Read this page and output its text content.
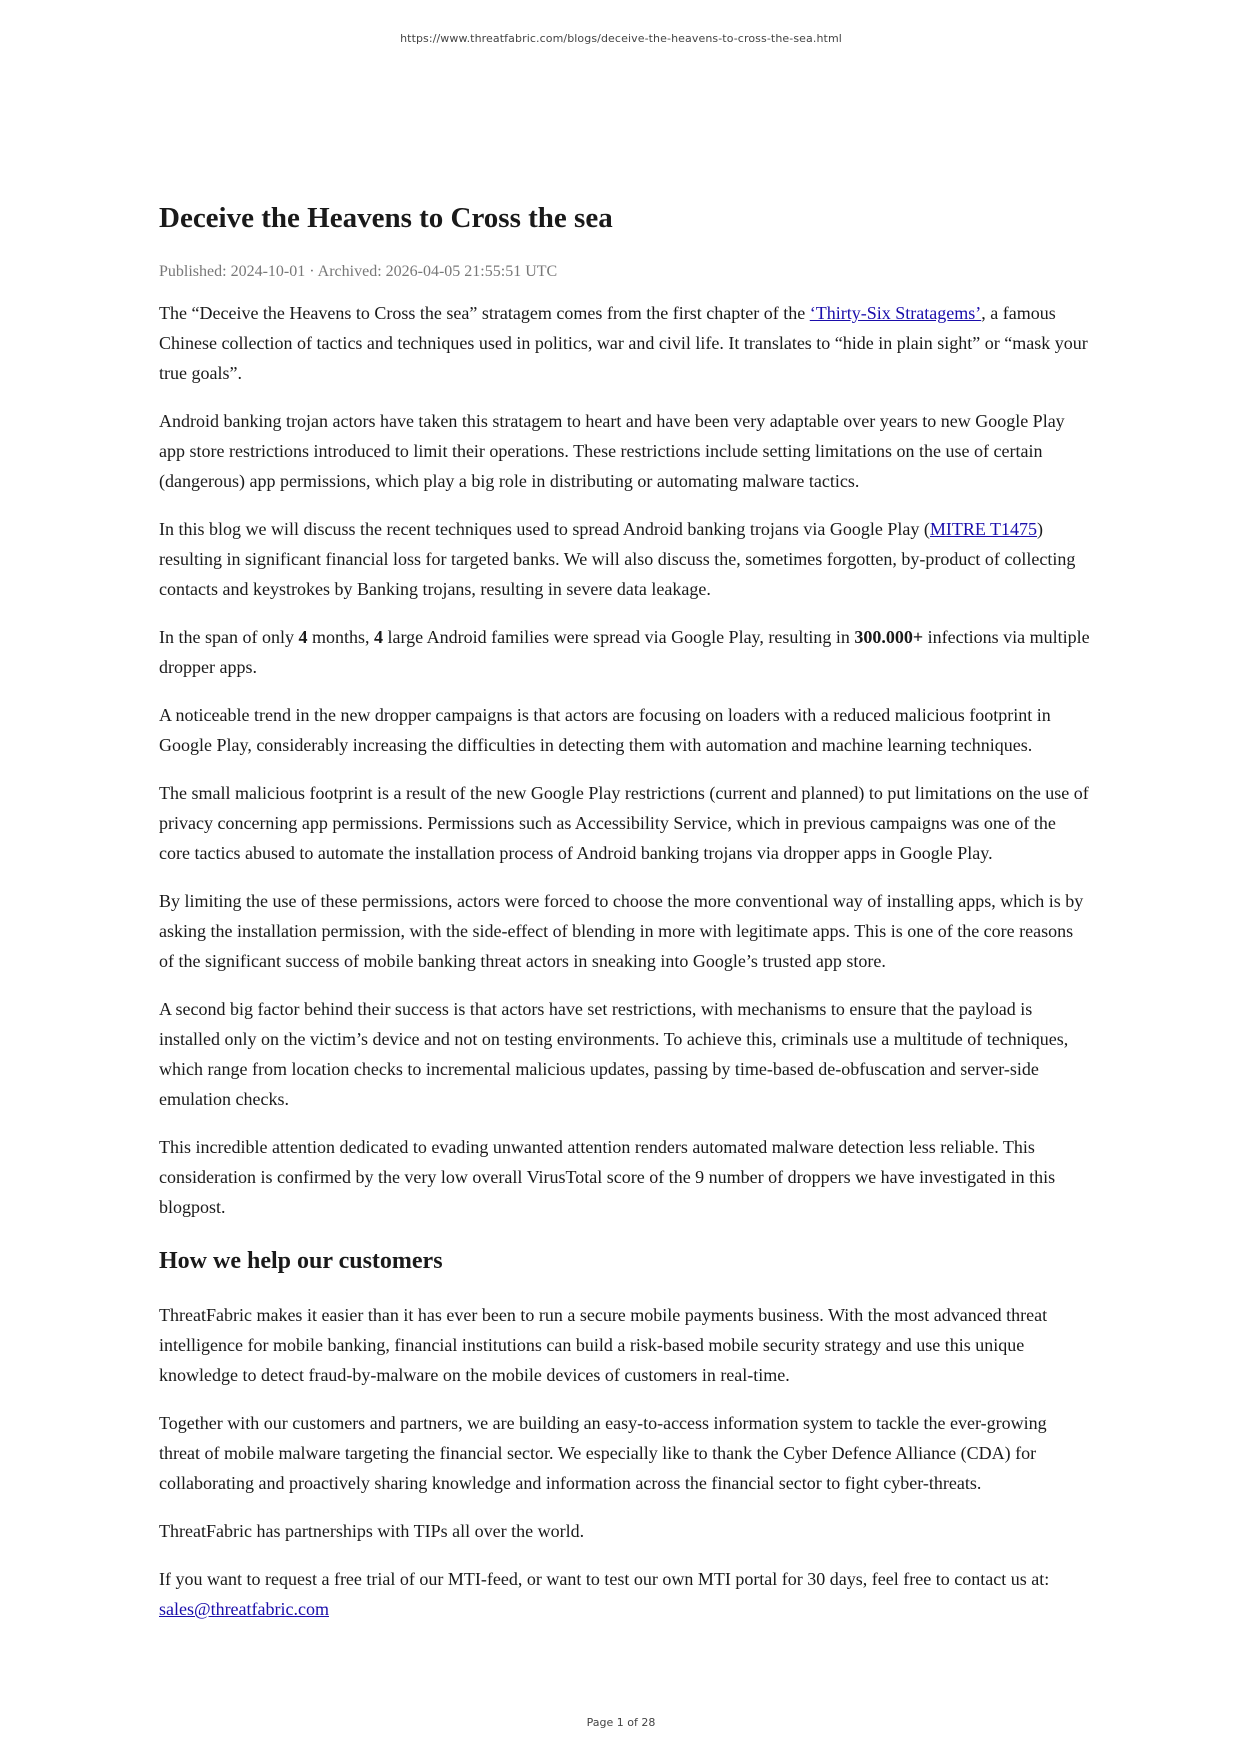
https://www.threatfabric.com/blogs/deceive-the-heavens-to-cross-the-sea.html
Deceive the Heavens to Cross the sea
Published: 2024-10-01 · Archived: 2026-04-05 21:55:51 UTC

The “Deceive the Heavens to Cross the sea” stratagem comes from the first chapter of the ‘Thirty-Six Stratagems’, a famous Chinese collection of tactics and techniques used in politics, war and civil life. It translates to “hide in plain sight” or “mask your true goals”.

Android banking trojan actors have taken this stratagem to heart and have been very adaptable over years to new Google Play app store restrictions introduced to limit their operations. These restrictions include setting limitations on the use of certain (dangerous) app permissions, which play a big role in distributing or automating malware tactics.

In this blog we will discuss the recent techniques used to spread Android banking trojans via Google Play (MITRE T1475) resulting in significant financial loss for targeted banks. We will also discuss the, sometimes forgotten, by-product of collecting contacts and keystrokes by Banking trojans, resulting in severe data leakage.

In the span of only 4 months, 4 large Android families were spread via Google Play, resulting in 300.000+ infections via multiple dropper apps.

A noticeable trend in the new dropper campaigns is that actors are focusing on loaders with a reduced malicious footprint in Google Play, considerably increasing the difficulties in detecting them with automation and machine learning techniques.

The small malicious footprint is a result of the new Google Play restrictions (current and planned) to put limitations on the use of privacy concerning app permissions. Permissions such as Accessibility Service, which in previous campaigns was one of the core tactics abused to automate the installation process of Android banking trojans via dropper apps in Google Play.

By limiting the use of these permissions, actors were forced to choose the more conventional way of installing apps, which is by asking the installation permission, with the side-effect of blending in more with legitimate apps. This is one of the core reasons of the significant success of mobile banking threat actors in sneaking into Google’s trusted app store.

A second big factor behind their success is that actors have set restrictions, with mechanisms to ensure that the payload is installed only on the victim’s device and not on testing environments. To achieve this, criminals use a multitude of techniques, which range from location checks to incremental malicious updates, passing by time-based de-obfuscation and server-side emulation checks.

This incredible attention dedicated to evading unwanted attention renders automated malware detection less reliable. This consideration is confirmed by the very low overall VirusTotal score of the 9 number of droppers we have investigated in this blogpost.

How we help our customers

ThreatFabric makes it easier than it has ever been to run a secure mobile payments business. With the most advanced threat intelligence for mobile banking, financial institutions can build a risk-based mobile security strategy and use this unique knowledge to detect fraud-by-malware on the mobile devices of customers in real-time.

Together with our customers and partners, we are building an easy-to-access information system to tackle the ever-growing threat of mobile malware targeting the financial sector. We especially like to thank the Cyber Defence Alliance (CDA) for collaborating and proactively sharing knowledge and information across the financial sector to fight cyber-threats.

ThreatFabric has partnerships with TIPs all over the world.

If you want to request a free trial of our MTI-feed, or want to test our own MTI portal for 30 days, feel free to contact us at: sales@threatfabric.com

Page 1 of 28
